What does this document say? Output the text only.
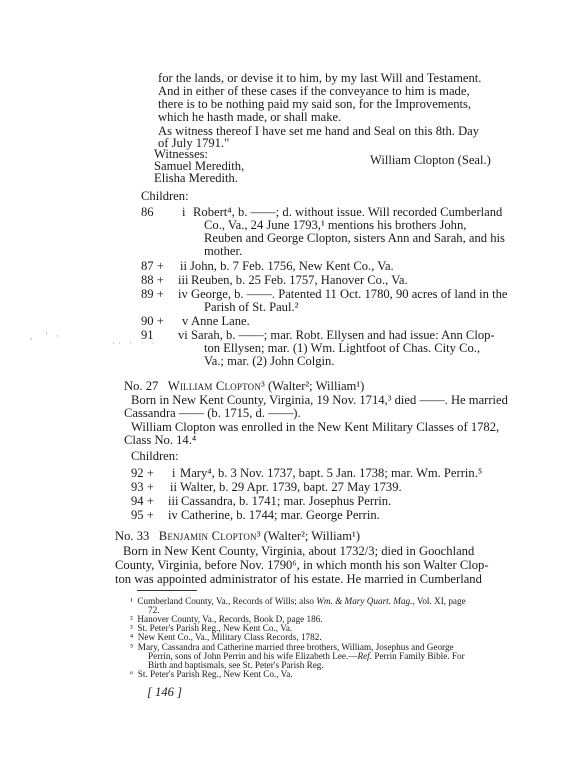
for the lands, or devise it to him, by my last Will and Testament.
And in either of these cases if the conveyance to him is made,
there is to be nothing paid my said son, for the Improvements,
which he hasth made, or shall make.
As witness thereof I have set me hand and Seal on this 8th. Day
of July 1791."
Witnesses:	William Clopton (Seal.)
Samuel Meredith,
Elisha Meredith.
Children:
86 i Robert⁴, b. ——; d. without issue. Will recorded Cumberland
Co., Va., 24 June 1793,¹ mentions his brothers John,
Reuben and George Clopton, sisters Ann and Sarah, and his
mother.
87 + ii John, b. 7 Feb. 1756, New Kent Co., Va.
88 + iii Reuben, b. 25 Feb. 1757, Hanover Co., Va.
89 + iv George, b. ——. Patented 11 Oct. 1780, 90 acres of land in the
Parish of St. Paul.²
90 + v Anne Lane.
91 vi Sarah, b. ——; mar. Robt. Ellysen and had issue: Ann Clop-
ton Ellysen; mar. (1) Wm. Lightfoot of Chas. City Co.,
Va.; mar. (2) John Colgin.
,  ' ·
·· · · ·
No. 27 William Clopton³ (Walter²; William¹)
Born in New Kent County, Virginia, 19 Nov. 1714,³ died ——. He married
Cassandra —— (b. 1715, d. ——).
William Clopton was enrolled in the New Kent Military Classes of 1782,
Class No. 14.⁴
Children:
92 + i Mary⁴, b. 3 Nov. 1737, bapt. 5 Jan. 1738; mar. Wm. Perrin.⁵
93 + ii Walter, b. 29 Apr. 1739, bapt. 27 May 1739.
94 + iii Cassandra, b. 1741; mar. Josephus Perrin.
95 + iv Catherine, b. 1744; mar. George Perrin.
No. 33 Benjamin Clopton³ (Walter²; William¹)
Born in New Kent County, Virginia, about 1732/3; died in Goochland
County, Virginia, before Nov. 1790⁶, in which month his son Walter Clop-
ton was appointed administrator of his estate. He married in Cumberland
¹ Cumberland County, Va., Records of Wills; also Wm. & Mary Quart. Mag., Vol. XI, page
72.
² Hanover County, Va., Records, Book D, page 186.
³ St. Peter's Parish Reg., New Kent Co., Va.
⁴ New Kent Co., Va., Military Class Records, 1782.
⁵ Mary, Cassandra and Catherine married three brothers, William, Josephus and George
Perrin, sons of John Perrin and his wife Elizabeth Lee.—Ref. Perrin Family Bible. For
Birth and baptismals, see St. Peter's Parish Reg.
⁶ St. Peter's Parish Reg., New Kent Co., Va.
[ 146 ]
